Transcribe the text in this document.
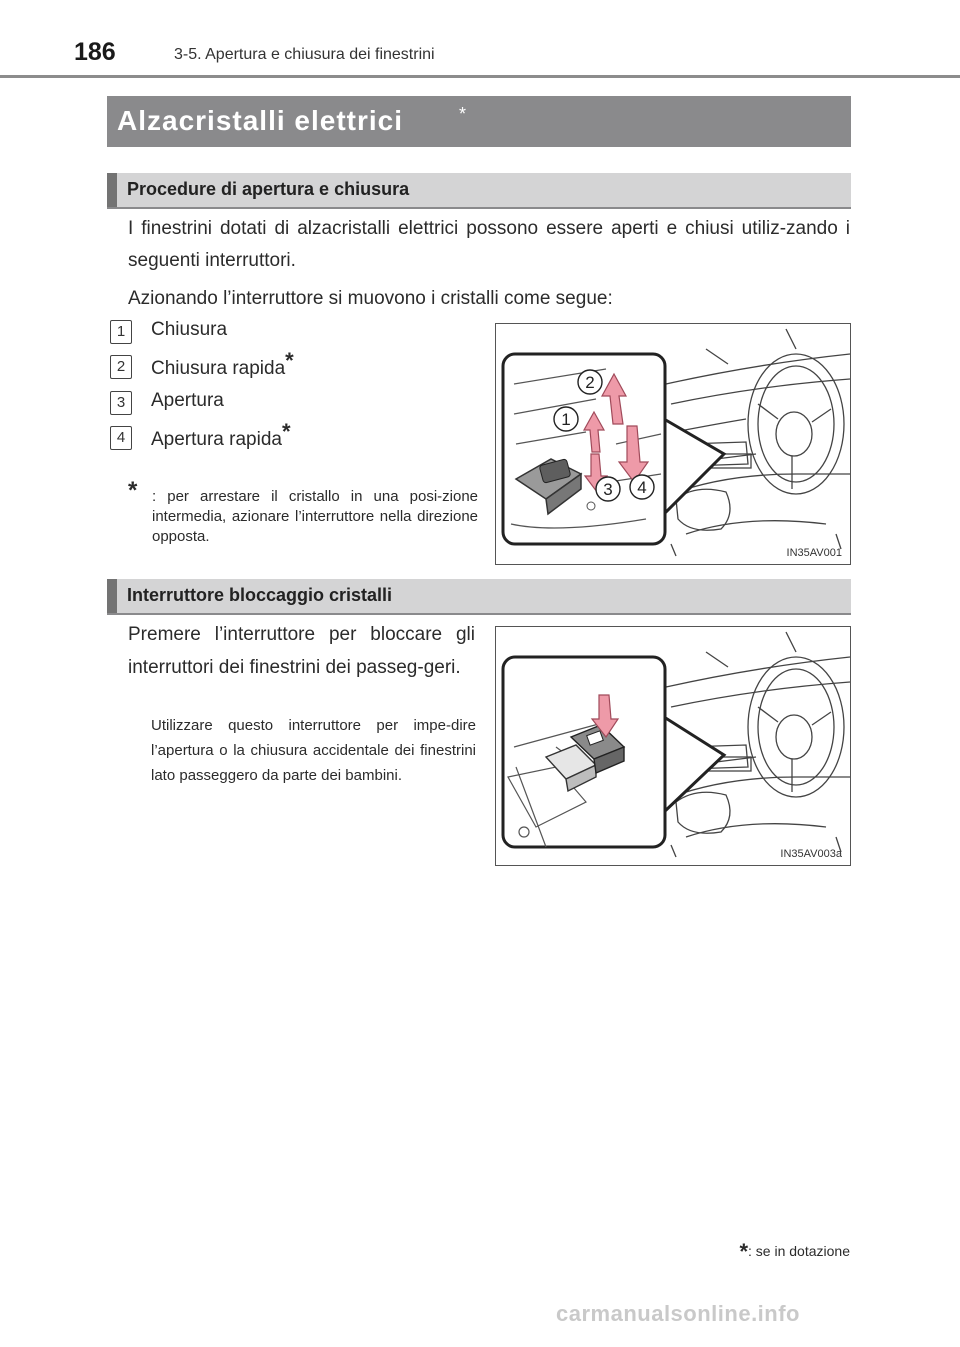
186	3-5. Apertura e chiusura dei finestrini
Alzacristalli elettrici	*
Procedure di apertura e chiusura
I finestrini dotati di alzacristalli elettrici possono essere aperti e chiusi utiliz-zando i seguenti interruttori.
Azionando l’interruttore si muovono i cristalli come segue:
1	Chiusura
2	Chiusura rapida*
3	Apertura
4	Apertura rapida*
* : per arrestare il cristallo in una posi-zione intermedia, azionare l’interruttore nella direzione opposta.
2
1
3 4
IN35AV001
Interruttore bloccaggio cristalli
Premere l’interruttore per bloccare gli interruttori dei finestrini dei passeg-geri.
Utilizzare questo interruttore per impe-dire l’apertura o la chiusura accidentale dei finestrini lato passeggero da parte dei bambini.
IN35AV003a
*: se in dotazione
carmanualsonline.info
